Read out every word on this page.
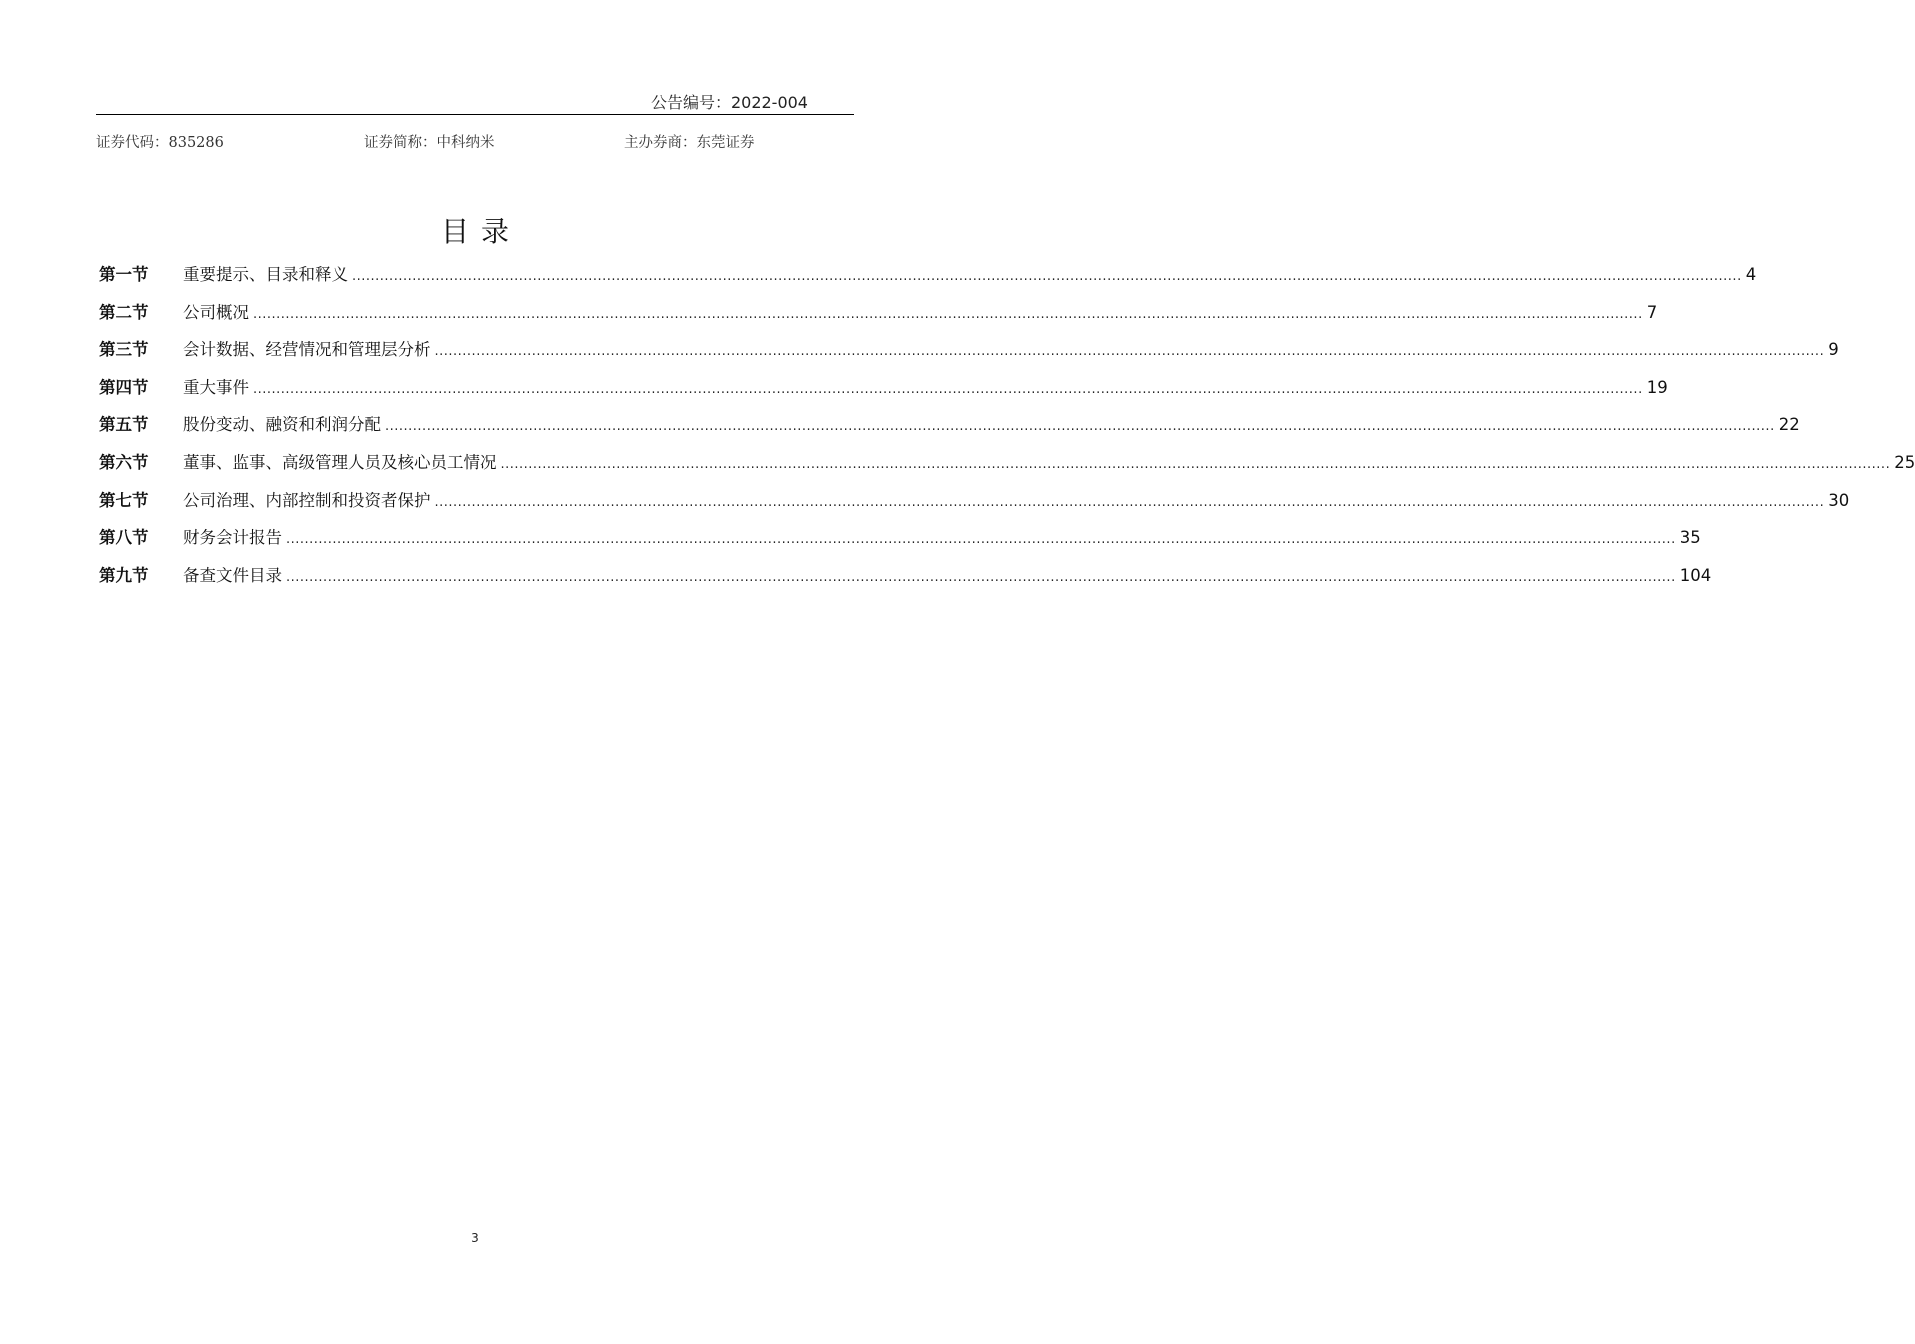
公告编号：2022-004
证券代码：835286	证券简称：中科纳米	主办券商：东莞证券
目录
第一节	重要提示、目录和释义 ............................................................................................................................................................................................................................................................................................................ 4
第二节	公司概况 ............................................................................................................................................................................................................................................................................................................ 7
第三节	会计数据、经营情况和管理层分析 ............................................................................................................................................................................................................................................................................................................ 9
第四节	重大事件 ............................................................................................................................................................................................................................................................................................................ 19
第五节	股份变动、融资和利润分配 ............................................................................................................................................................................................................................................................................................................ 22
第六节	董事、监事、高级管理人员及核心员工情况 ............................................................................................................................................................................................................................................................................................................ 25
第七节	公司治理、内部控制和投资者保护 ............................................................................................................................................................................................................................................................................................................ 30
第八节	财务会计报告 ............................................................................................................................................................................................................................................................................................................ 35
第九节	备查文件目录 ............................................................................................................................................................................................................................................................................................................ 104
3
